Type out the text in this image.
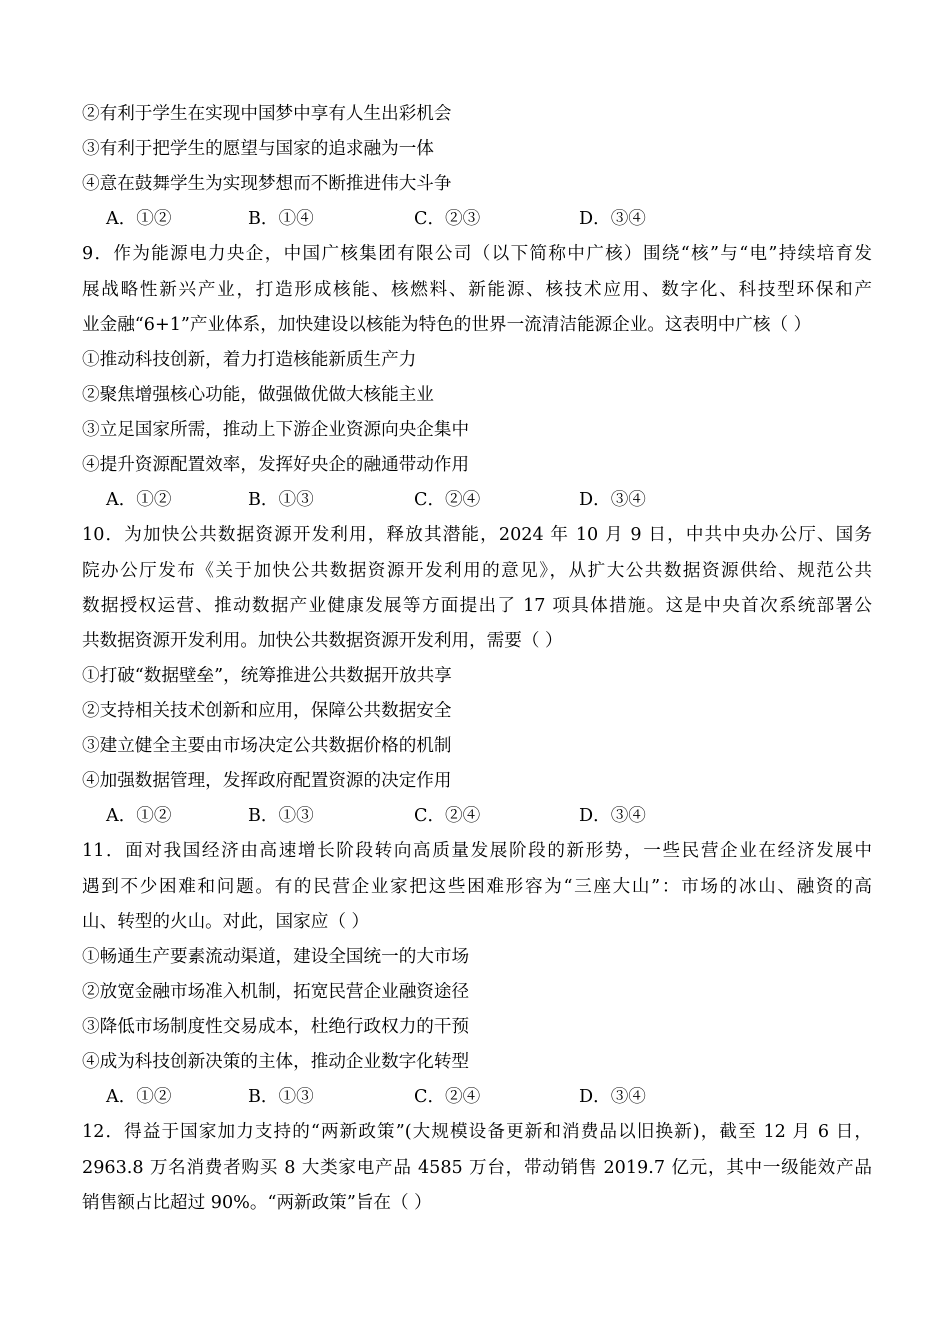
②有利于学生在实现中国梦中享有人生出彩机会
③有利于把学生的愿望与国家的追求融为一体
④意在鼓舞学生为实现梦想而不断推进伟大斗争
A．①②	B．①④	C．②③	D．③④
9．作为能源电力央企，中国广核集团有限公司（以下简称中广核）围绕“核”与“电”持续培育发
展战略性新兴产业，打造形成核能、核燃料、新能源、核技术应用、数字化、科技型环保和产
业金融“6+1”产业体系，加快建设以核能为特色的世界一流清洁能源企业。这表明中广核（ ）
①推动科技创新，着力打造核能新质生产力
②聚焦增强核心功能，做强做优做大核能主业
③立足国家所需，推动上下游企业资源向央企集中
④提升资源配置效率，发挥好央企的融通带动作用
A．①②	B．①③	C．②④	D．③④
10．为加快公共数据资源开发利用，释放其潜能，2024 年 10 月 9 日，中共中央办公厅、国务
院办公厅发布《关于加快公共数据资源开发利用的意见》，从扩大公共数据资源供给、规范公共
数据授权运营、推动数据产业健康发展等方面提出了 17 项具体措施。这是中央首次系统部署公
共数据资源开发利用。加快公共数据资源开发利用，需要（ ）
①打破“数据壁垒”，统筹推进公共数据开放共享
②支持相关技术创新和应用，保障公共数据安全
③建立健全主要由市场决定公共数据价格的机制
④加强数据管理，发挥政府配置资源的决定作用
A．①②	B．①③	C．②④	D．③④
11．面对我国经济由高速增长阶段转向高质量发展阶段的新形势，一些民营企业在经济发展中
遇到不少困难和问题。有的民营企业家把这些困难形容为“三座大山”：市场的冰山、融资的高
山、转型的火山。对此，国家应（ ）
①畅通生产要素流动渠道，建设全国统一的大市场
②放宽金融市场准入机制，拓宽民营企业融资途径
③降低市场制度性交易成本，杜绝行政权力的干预
④成为科技创新决策的主体，推动企业数字化转型
A．①②	B．①③	C．②④	D．③④
12．得益于国家加力支持的“两新政策”(大规模设备更新和消费品以旧换新)，截至 12 月 6 日，
2963.8 万名消费者购买 8 大类家电产品 4585 万台，带动销售 2019.7 亿元，其中一级能效产品
销售额占比超过 90%。“两新政策”旨在（ ）
